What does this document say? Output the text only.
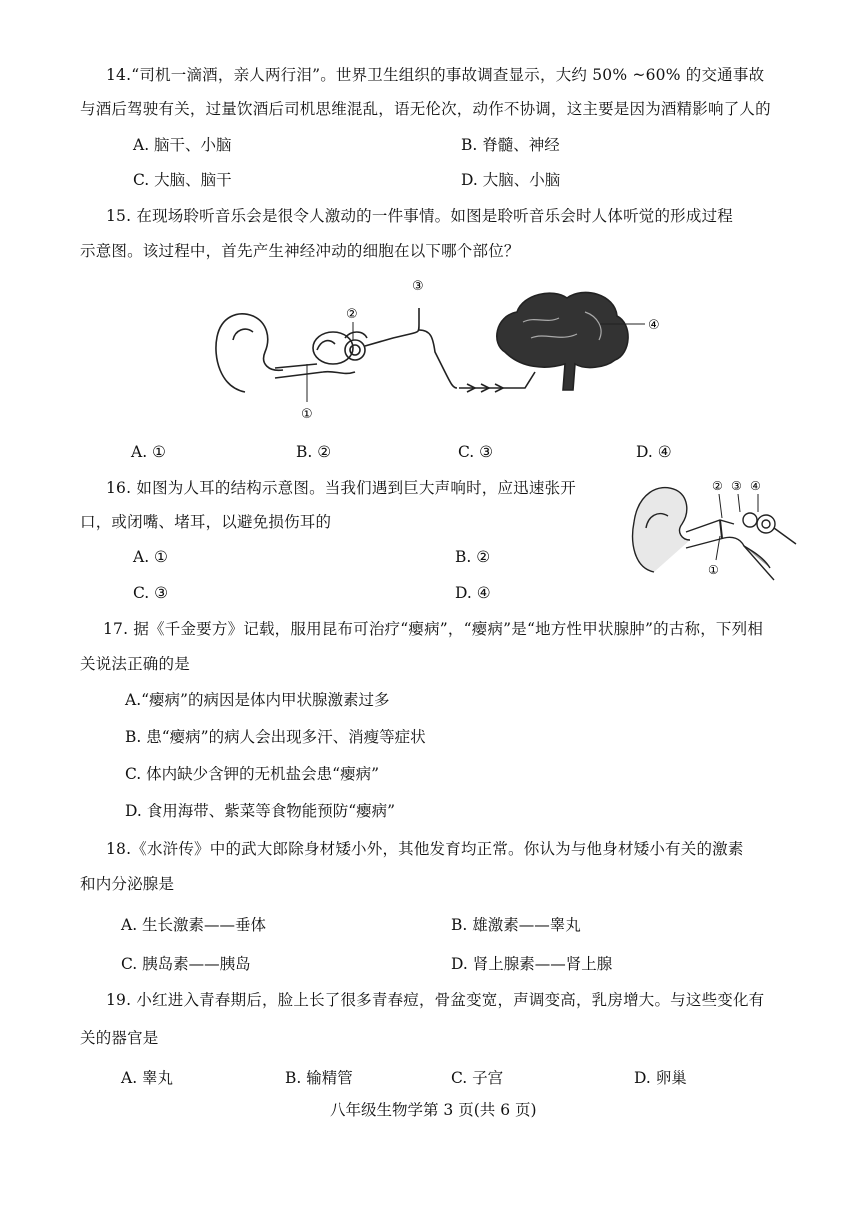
14.“司机一滴酒，亲人两行泪”。世界卫生组织的事故调查显示，大约 50% ~60% 的交通事故
与酒后驾驶有关，过量饮酒后司机思维混乱，语无伦次，动作不协调，这主要是因为酒精影响了人的
A. 脑干、小脑	B. 脊髓、神经
C. 大脑、脑干	D. 大脑、小脑
15. 在现场聆听音乐会是很令人激动的一件事情。如图是聆听音乐会时人体听觉的形成过程
示意图。该过程中，首先产生神经冲动的细胞在以下哪个部位？
①
②
③
④
A. ①	B. ②	C. ③	D. ④
16. 如图为人耳的结构示意图。当我们遇到巨大声响时，应迅速张开
口，或闭嘴、堵耳，以避免损伤耳的
A. ①	B. ②
C. ③	D. ④
①
② ③ ④
17. 据《千金要方》记载，服用昆布可治疗“瘿病”，“瘿病”是“地方性甲状腺肿”的古称，下列相
关说法正确的是
A.“瘿病”的病因是体内甲状腺激素过多
B. 患“瘿病”的病人会出现多汗、消瘦等症状
C. 体内缺少含钾的无机盐会患“瘿病”
D. 食用海带、紫菜等食物能预防“瘿病”
18.《水浒传》中的武大郎除身材矮小外，其他发育均正常。你认为与他身材矮小有关的激素
和内分泌腺是
A. 生长激素——垂体	B. 雄激素——睾丸
C. 胰岛素——胰岛	D. 肾上腺素——肾上腺
19. 小红进入青春期后，脸上长了很多青春痘，骨盆变宽，声调变高，乳房增大。与这些变化有
关的器官是
A. 睾丸	B. 输精管	C. 子宫	D. 卵巢
八年级生物学第 3 页(共 6 页)
